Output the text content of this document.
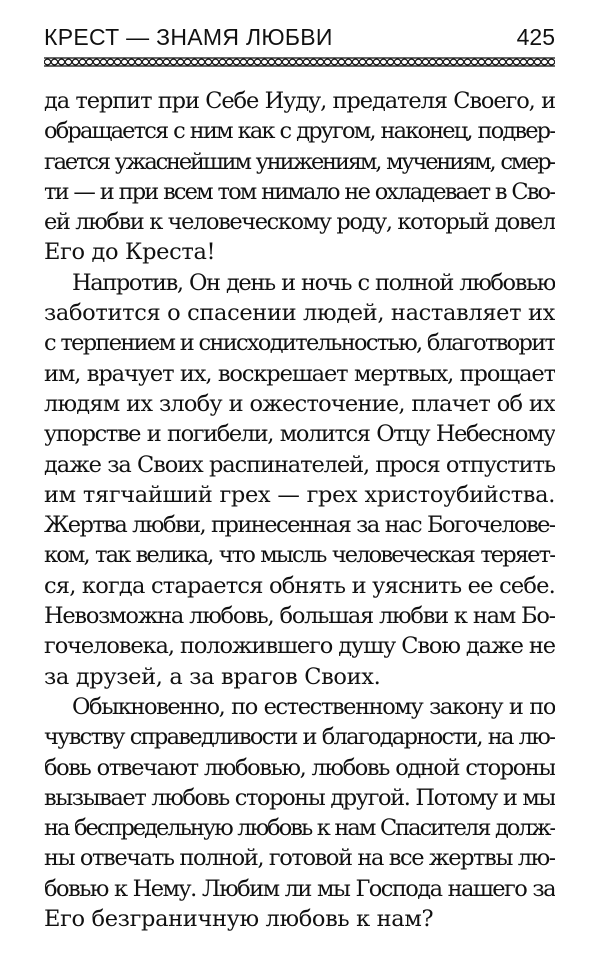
КРЕСТ — ЗНАМЯ ЛЮБВИ	425
да терпит при Себе Иуду, предателя Своего, и
обращается с ним как с другом, наконец, подвер-
гается ужаснейшим унижениям, мучениям, смер-
ти — и при всем том нимало не охладевает в Сво-
ей любви к человеческому роду, который довел
Его до Креста!
Напротив, Он день и ночь с полной любовью
заботится о спасении людей, наставляет их
с терпением и снисходительностью, благотворит
им, врачует их, воскрешает мертвых, прощает
людям их злобу и ожесточение, плачет об их
упорстве и погибели, молится Отцу Небесному
даже за Своих распинателей, прося отпустить
им тягчайший грех — грех христоубийства.
Жертва любви, принесенная за нас Богочелове-
ком, так велика, что мысль человеческая теряет-
ся, когда старается обнять и уяснить ее себе.
Невозможна любовь, большая любви к нам Бо-
гочеловека, положившего душу Свою даже не
за друзей, а за врагов Своих.
Обыкновенно, по естественному закону и по
чувству справедливости и благодарности, на лю-
бовь отвечают любовью, любовь одной стороны
вызывает любовь стороны другой. Потому и мы
на беспредельную любовь к нам Спасителя долж-
ны отвечать полной, готовой на все жертвы лю-
бовью к Нему. Любим ли мы Господа нашего за
Его безграничную любовь к нам?
